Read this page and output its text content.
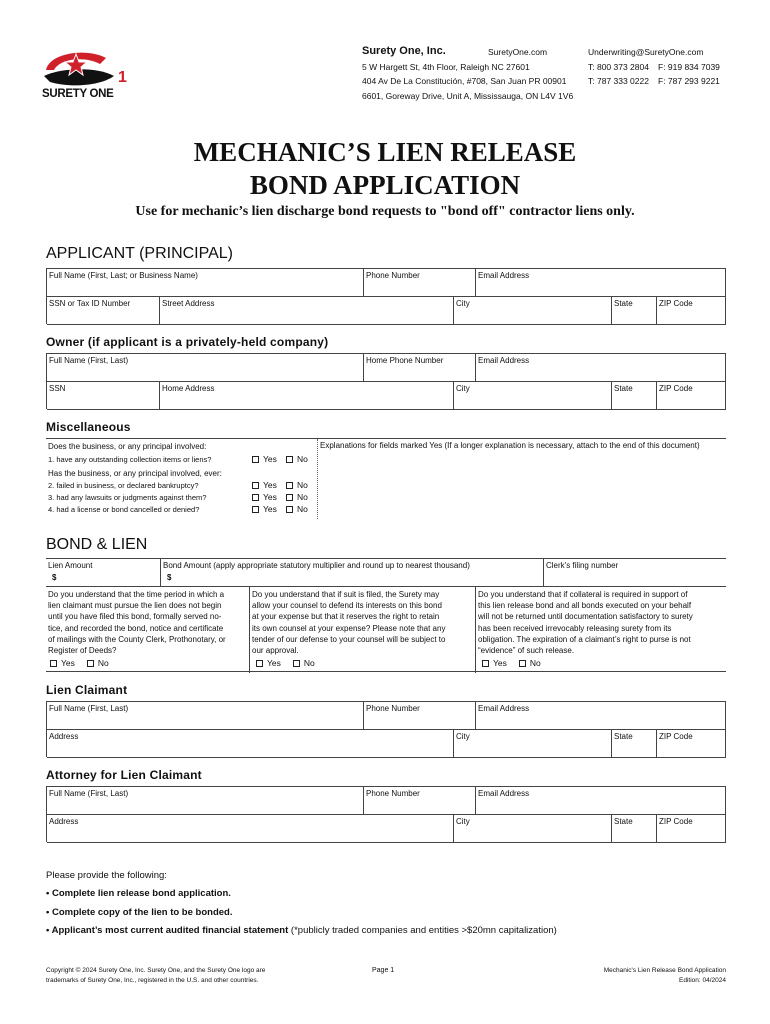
1
SURETY ONE
Surety One, Inc.	SuretyOne.com	Underwriting@SuretyOne.com
5 W Hargett St, 4th Floor, Raleigh NC 27601	T: 800 373 2804 F: 919 834 7039
404 Av De La Constitución, #708, San Juan PR 00901	T: 787 333 0222 F: 787 293 9221
6601, Goreway Drive, Unit A, Mississauga, ON L4V 1V6
MECHANIC’S LIEN RELEASE
BOND APPLICATION
Use for mechanic’s lien discharge bond requests to "bond off" contractor liens only.
APPLICANT (PRINCIPAL)
Full Name (First, Last; or Business Name)	Phone Number	Email Address
SSN or Tax ID Number	Street Address	City	State	ZIP Code
Owner (if applicant is a privately-held company)
Full Name (First, Last)	Home Phone Number	Email Address
SSN	Home Address	City	State	ZIP Code
Miscellaneous
Does the business, or any principal involved:
1. have any outstanding collection items or liens?	Yes	No
Has the business, or any principal involved, ever:
2. failed in business, or declared bankruptcy?	Yes	No
3. had any lawsuits or judgments against them?	Yes	No
4. had a license or bond cancelled or denied?	Yes	No
Explanations for fields marked Yes (If a longer explanation is necessary, attach to the end of this document)
BOND & LIEN
Lien Amount
$
Bond Amount (apply appropriate statutory multiplier and round up to nearest thousand)
$
Clerk's filing number
Do you understand that the time period in which a
lien claimant must pursue the lien does not begin
until you have filed this bond, formally served no-
tice, and recorded the bond, notice and certificate
of mailings with the County Clerk, Prothonotary, or
Register of Deeds?
Yes	No
Do you understand that if suit is filed, the Surety may
allow your counsel to defend its interests on this bond
at your expense but that it reserves the right to retain
its own counsel at your expense? Please note that any
tender of our defense to your counsel will be subject to
our approval.
Yes	No
Do you understand that if collateral is required in support of
this lien release bond and all bonds executed on your behalf
will not be returned until documentation satisfactory to surety
has been received irrevocably releasing surety from its
obligation. The expiration of a claimant’s right to purse is not
“evidence” of such release.
Yes	No
Lien Claimant
Full Name (First, Last)	Phone Number	Email Address
Address	City	State	ZIP Code
Attorney for Lien Claimant
Full Name (First, Last)	Phone Number	Email Address
Address	City	State	ZIP Code
Please provide the following:
• Complete lien release bond application.
• Complete copy of the lien to be bonded.
• Applicant’s most current audited financial statement (*publicly traded companies and entities >$20mn capitalization)
Copyright © 2024 Surety One, Inc. Surety One, and the Surety One logo are
trademarks of Surety One, Inc., registered in the U.S. and other countries.
Page 1	Mechanic's Lien Release Bond Application
Edition: 04/2024
